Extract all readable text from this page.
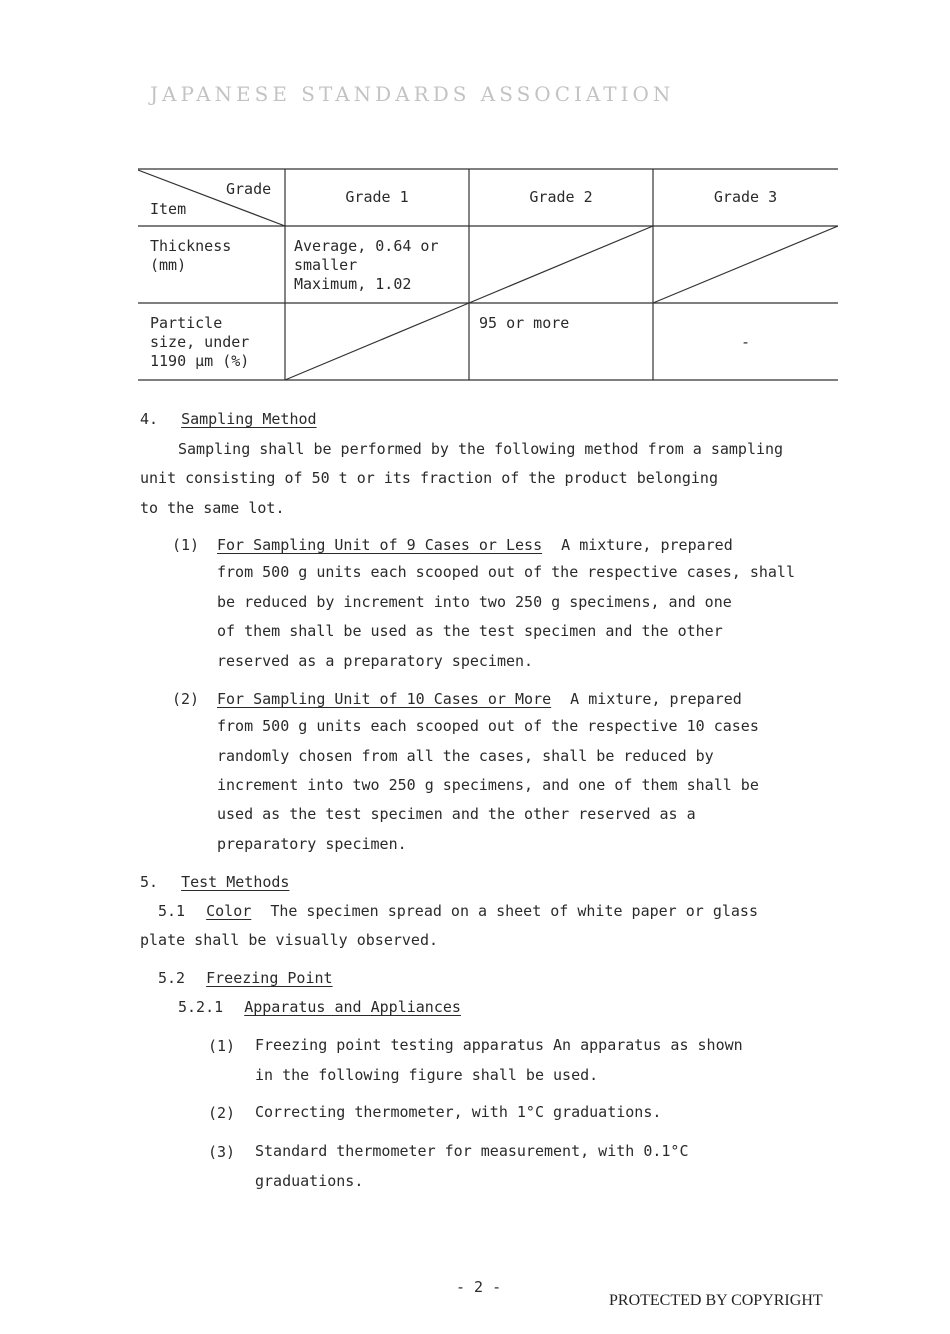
JAPANESE STANDARDS ASSOCIATION
Grade
Item
Grade 1	Grade 2	Grade 3
Thickness
(mm)
Average, 0.64 or
smaller
Maximum, 1.02
Particle
size, under
1190 µm (%)
95 or more
-
4. Sampling Method
Sampling shall be performed by the following method from a sampling
unit consisting of 50 t or its fraction of the product belonging
to the same lot.
(1) For Sampling Unit of 9 Cases or Less A mixture, prepared
from 500 g units each scooped out of the respective cases, shall
be reduced by increment into two 250 g specimens, and one
of them shall be used as the test specimen and the other
reserved as a preparatory specimen.
(2) For Sampling Unit of 10 Cases or More A mixture, prepared
from 500 g units each scooped out of the respective 10 cases
randomly chosen from all the cases, shall be reduced by
increment into two 250 g specimens, and one of them shall be
used as the test specimen and the other reserved as a
preparatory specimen.
5. Test Methods
5.1 Color The specimen spread on a sheet of white paper or glass
plate shall be visually observed.
5.2 Freezing Point
5.2.1 Apparatus and Appliances
(1) Freezing point testing apparatus An apparatus as shown
in the following figure shall be used.
(2) Correcting thermometer, with 1°C graduations.
(3) Standard thermometer for measurement, with 0.1°C
graduations.
- 2 -
PROTECTED BY COPYRIGHT
